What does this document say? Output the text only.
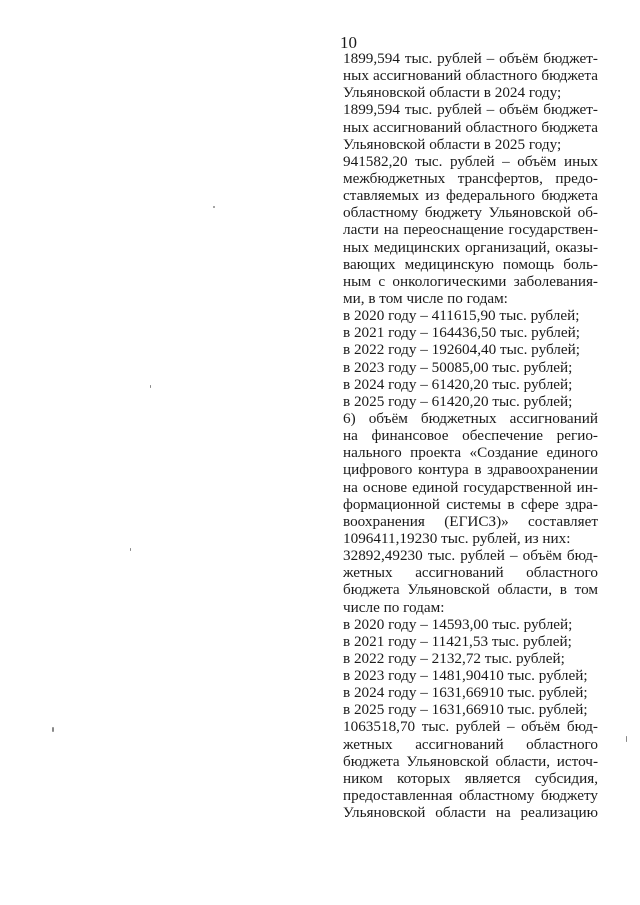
10
1899,594 тыс. рублей – объём бюджет-
ных ассигнований областного бюджета
Ульяновской области в 2024 году;
1899,594 тыс. рублей – объём бюджет-
ных ассигнований областного бюджета
Ульяновской области в 2025 году;
941582,20 тыс. рублей – объём иных
межбюджетных трансфертов, предо-
ставляемых из федерального бюджета
областному бюджету Ульяновской об-
ласти на переоснащение государствен-
ных медицинских организаций, оказы-
вающих медицинскую помощь боль-
ным с онкологическими заболевания-
ми, в том числе по годам:
в 2020 году – 411615,90 тыс. рублей;
в 2021 году – 164436,50 тыс. рублей;
в 2022 году – 192604,40 тыс. рублей;
в 2023 году – 50085,00 тыс. рублей;
в 2024 году – 61420,20 тыс. рублей;
в 2025 году – 61420,20 тыс. рублей;
6) объём бюджетных ассигнований
на финансовое обеспечение регио-
нального проекта «Создание единого
цифрового контура в здравоохранении
на основе единой государственной ин-
формационной системы в сфере здра-
воохранения (ЕГИСЗ)» составляет
1096411,19230 тыс. рублей, из них:
32892,49230 тыс. рублей – объём бюд-
жетных ассигнований областного
бюджета Ульяновской области, в том
числе по годам:
в 2020 году – 14593,00 тыс. рублей;
в 2021 году – 11421,53 тыс. рублей;
в 2022 году – 2132,72 тыс. рублей;
в 2023 году – 1481,90410 тыс. рублей;
в 2024 году – 1631,66910 тыс. рублей;
в 2025 году – 1631,66910 тыс. рублей;
1063518,70 тыс. рублей – объём бюд-
жетных ассигнований областного
бюджета Ульяновской области, источ-
ником которых является субсидия,
предоставленная областному бюджету
Ульяновской области на реализацию
